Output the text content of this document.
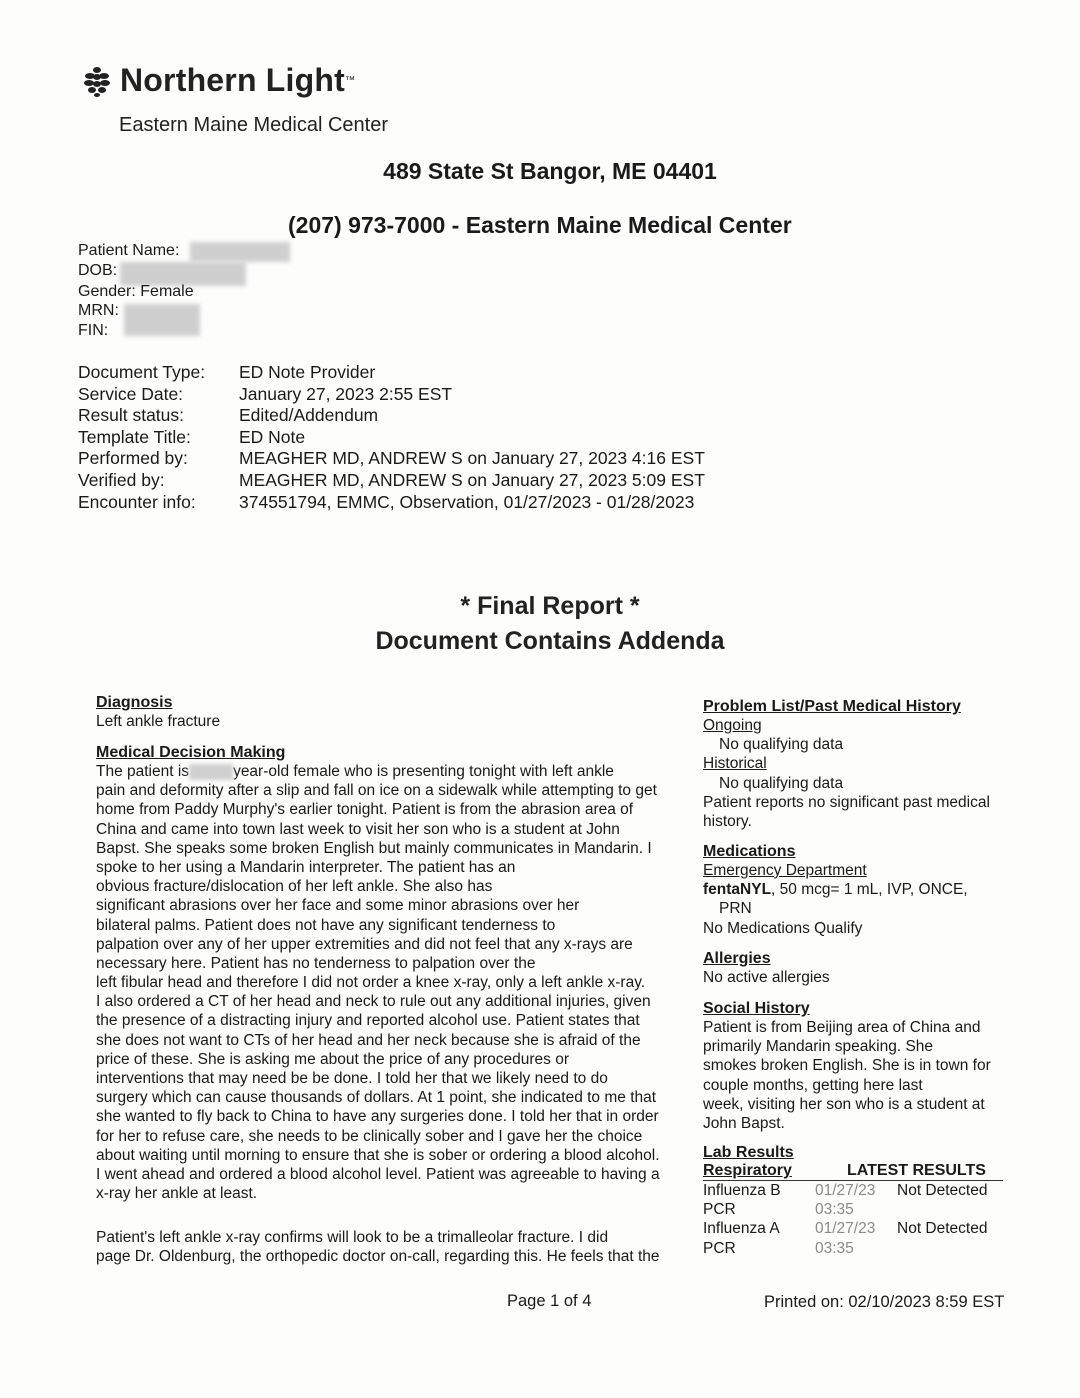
Northern Light ™
Eastern Maine Medical Center
489 State St Bangor, ME 04401
(207) 973-7000 - Eastern Maine Medical Center
Patient Name:
DOB:
Gender: Female
MRN:
FIN:
Document Type:	ED Note Provider
Service Date:	January 27, 2023 2:55 EST
Result status:	Edited/Addendum
Template Title:	ED Note
Performed by:	MEAGHER MD, ANDREW S on January 27, 2023 4:16 EST
Verified by:	MEAGHER MD, ANDREW S on January 27, 2023 5:09 EST
Encounter info:	374551794, EMMC, Observation, 01/27/2023 - 01/28/2023
* Final Report *
Document Contains Addenda
Diagnosis
Left ankle fracture
Medical Decision Making
The patient is	year-old female who is presenting tonight with left ankle
pain and deformity after a slip and fall on ice on a sidewalk while attempting to get
home from Paddy Murphy's earlier tonight. Patient is from the abrasion area of
China and came into town last week to visit her son who is a student at John
Bapst. She speaks some broken English but mainly communicates in Mandarin. I
spoke to her using a Mandarin interpreter. The patient has an
obvious fracture/dislocation of her left ankle. She also has
significant abrasions over her face and some minor abrasions over her
bilateral palms. Patient does not have any significant tenderness to
palpation over any of her upper extremities and did not feel that any x-rays are
necessary here. Patient has no tenderness to palpation over the
left fibular head and therefore I did not order a knee x-ray, only a left ankle x-ray.
I also ordered a CT of her head and neck to rule out any additional injuries, given
the presence of a distracting injury and reported alcohol use. Patient states that
she does not want to CTs of her head and her neck because she is afraid of the
price of these. She is asking me about the price of any procedures or
interventions that may need be be done. I told her that we likely need to do
surgery which can cause thousands of dollars. At 1 point, she indicated to me that
she wanted to fly back to China to have any surgeries done. I told her that in order
for her to refuse care, she needs to be clinically sober and I gave her the choice
about waiting until morning to ensure that she is sober or ordering a blood alcohol.
I went ahead and ordered a blood alcohol level. Patient was agreeable to having a
x-ray her ankle at least.
Patient's left ankle x-ray confirms will look to be a trimalleolar fracture. I did
page Dr. Oldenburg, the orthopedic doctor on-call, regarding this. He feels that the
Problem List/Past Medical History
Ongoing
No qualifying data
Historical
No qualifying data
Patient reports no significant past medical
history.
Medications
Emergency Department
fentaNYL, 50 mcg= 1 mL, IVP, ONCE,
PRN
No Medications Qualify
Allergies
No active allergies
Social History
Patient is from Beijing area of China and
primarily Mandarin speaking. She
smokes broken English. She is in town for
couple months, getting here last
week, visiting her son who is a student at
John Bapst.
Lab Results
Respiratory	LATEST RESULTS
Influenza B	01/27/23	Not Detected
PCR	03:35
Influenza A	01/27/23	Not Detected
PCR	03:35
Page 1 of 4	Printed on: 02/10/2023 8:59 EST
